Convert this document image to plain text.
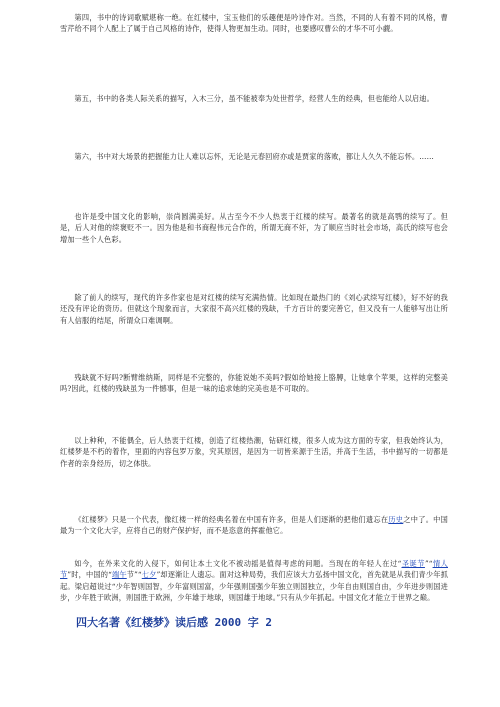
第四，书中的诗词歌赋堪称一绝。在红楼中，宝玉他们的乐趣便是吟诗作对。当然，不同的人有着不同的风格，曹雪芹给不同个人配上了属于自己风格的诗作，使得人物更加生动。同时，也要感叹曹公的才华不可小觑。

第五，书中的各类人际关系的描写，入木三分，虽不能被奉为处世哲学，经营人生的经典，但也能给人以启迪。

第六，书中对大场景的把握能力让人难以忘怀，无论是元春回府亦或是贾家的落败，都让人久久不能忘怀。……

也许是受中国文化的影响，崇尚圆满美好。从古至今不少人热衷于红楼的续写。最著名的就是高鹗的续写了。但是，后人对他的续褒贬不一。因为他是和书商程伟元合作的，所谓无商不奸，为了顺应当时社会市场，高氏的续写也会增加一些个人色彩。

除了前人的续写，现代的许多作家也是对红楼的续写充满热情。比如现在最热门的《刘心武续写红楼》，好不好的我还没有评论的资历。但就这个现象而言，大家很不高兴红楼的残缺，千方百计的要完善它，但又没有一人能够写出让所有人信服的结尾，所谓众口难调啊。

残缺就不好吗?断臂维纳斯，同样是不完整的，你能说她不美吗?假如给她接上胳膊，让她拿个苹果，这样的完整美吗?因此，红楼的残缺虽为一件憾事，但是一味的追求她的完美也是不可取的。

以上种种，不能偶全，后人热衷于红楼，创造了红楼热潮，钻研红楼，很多人成为这方面的专家，但我始终认为，红楼梦是不朽的着作，里面的内容包罗万象，究其原因，是因为一切皆来源于生活，并高于生活，书中描写的一切都是作者的亲身经历，切之体肤。

《红楼梦》只是一个代表，像红楼一样的经典名着在中国有许多，但是人们逐渐的把他们遗忘在历史之中了。中国最为一个文化大字，应将自己的财产保护好，而不是恣意的挥霍他它。

如今，在外来文化的入侵下，如何让本土文化不被动摇是值得考虑的问题。当现在的年轻人在过“圣诞节”“情人节”时，中国的“端午节”“七夕”却逐渐让人遗忘。面对这种局势，我们应该大力弘扬中国文化，首先就是从我们青少年抓起。梁启超说过“少年智则国智，少年富则国富，少年强则国强少年独立则国独立，少年自由则国自由，少年进步则国进步，少年胜于欧洲，则国胜于欧洲，少年雄于地球，则国雄于地球。”只有从少年抓起。中国文化才能立于世界之巅。

四大名著《红楼梦》读后感 2000 字 2
